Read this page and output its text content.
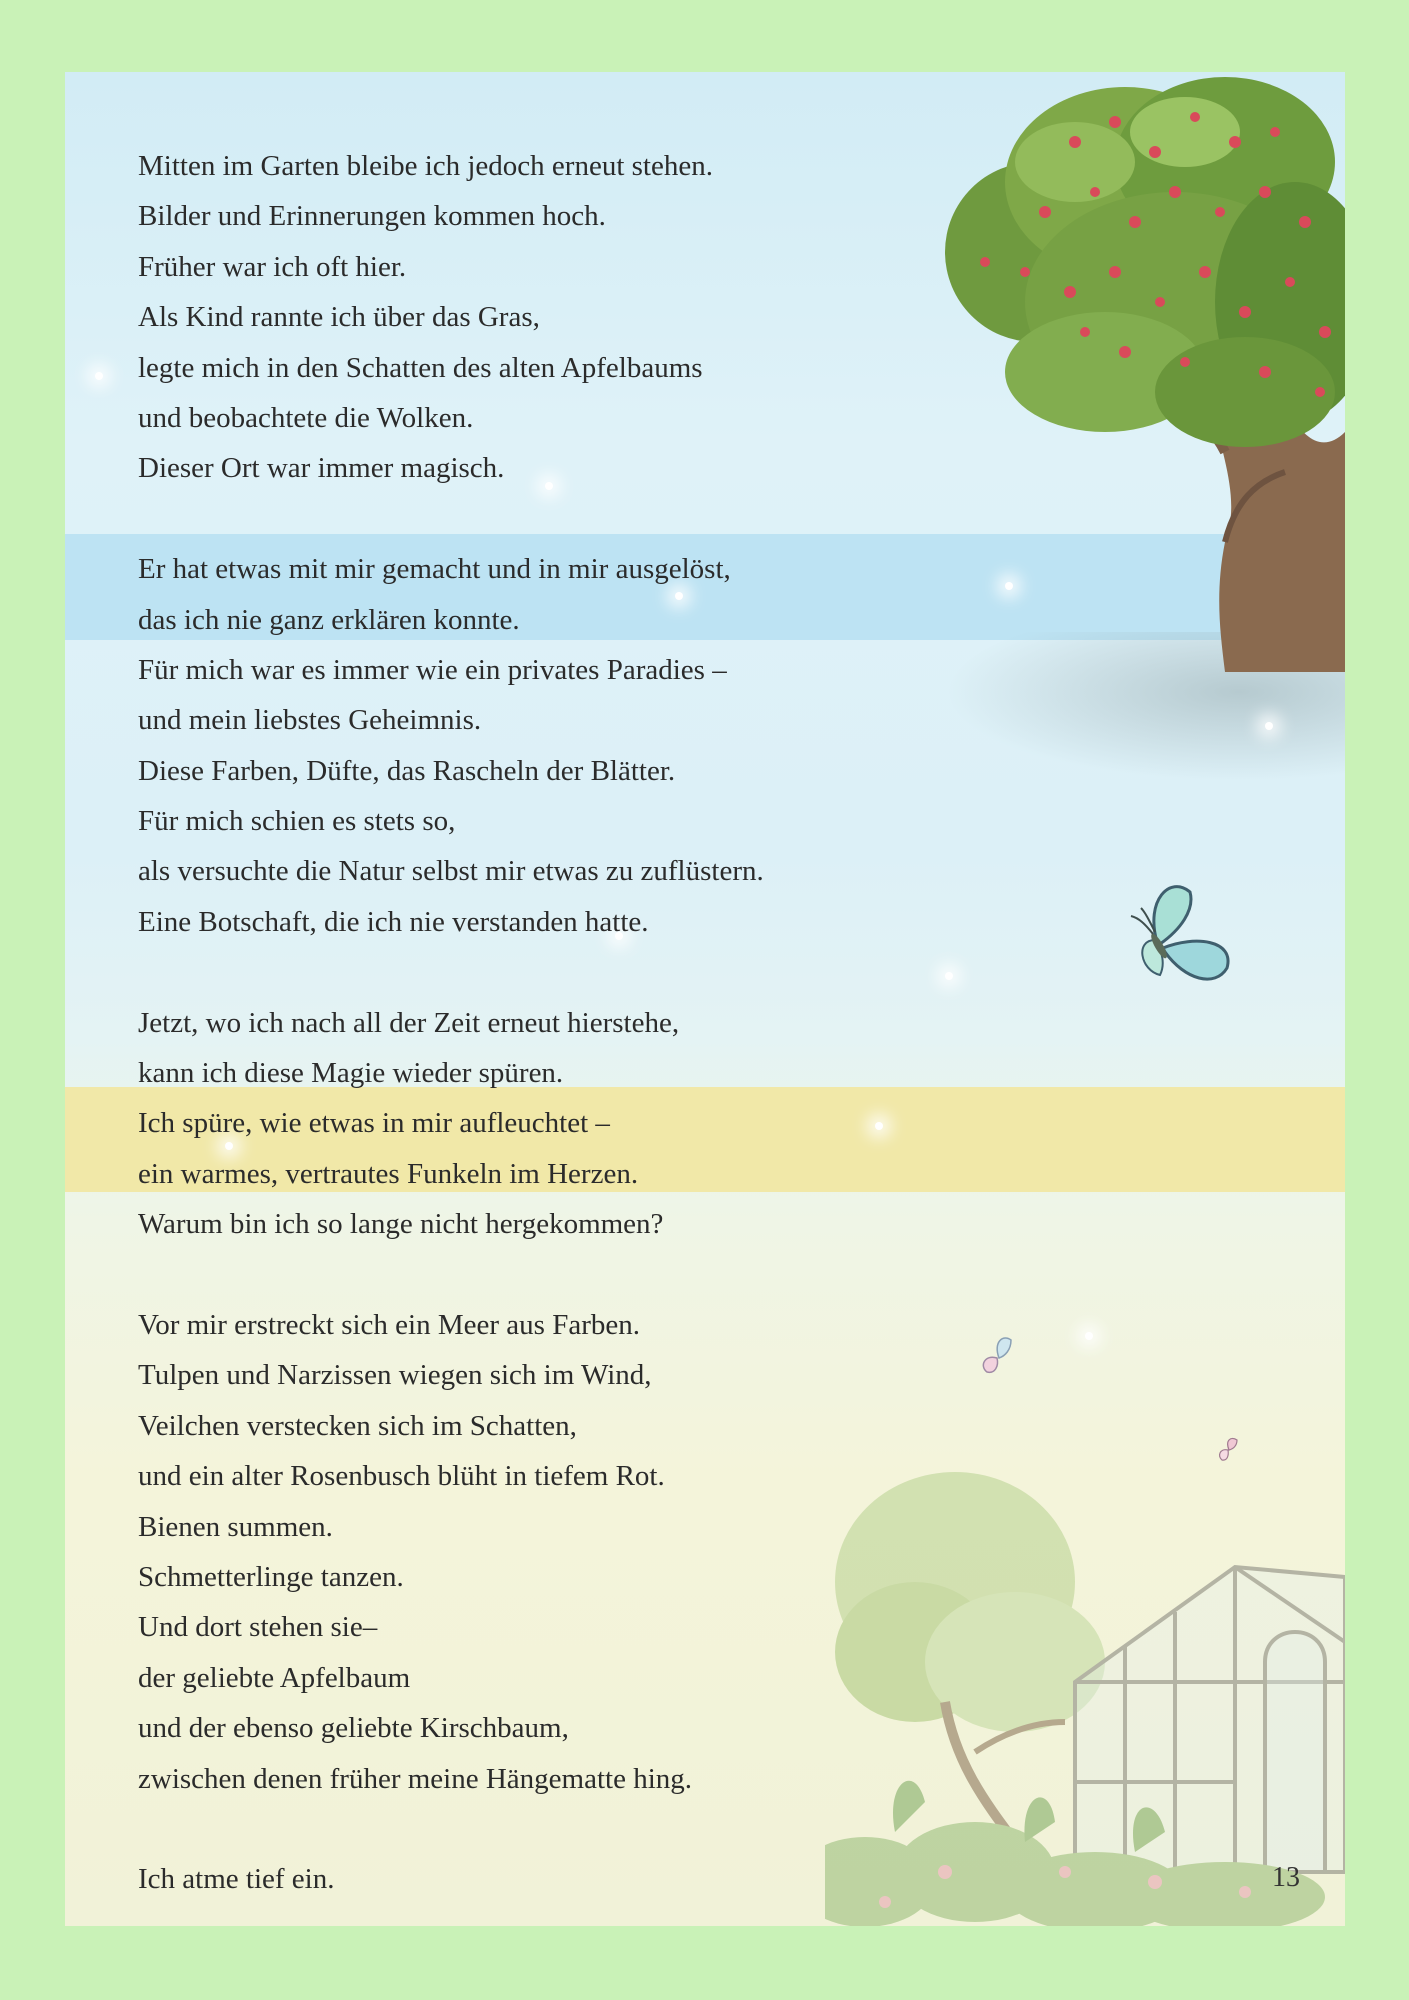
Mitten im Garten bleibe ich jedoch erneut stehen.
Bilder und Erinnerungen kommen hoch.
Früher war ich oft hier.
Als Kind rannte ich über das Gras,
legte mich in den Schatten des alten Apfelbaums
und beobachtete die Wolken.
Dieser Ort war immer magisch.
Er hat etwas mit mir gemacht und in mir ausgelöst,
das ich nie ganz erklären konnte.
Für mich war es immer wie ein privates Paradies –
und mein liebstes Geheimnis.
Diese Farben, Düfte, das Rascheln der Blätter.
Für mich schien es stets so,
als versuchte die Natur selbst mir etwas zu zuflüstern.
Eine Botschaft, die ich nie verstanden hatte.
Jetzt, wo ich nach all der Zeit erneut hierstehe,
kann ich diese Magie wieder spüren.
Ich spüre, wie etwas in mir aufleuchtet –
ein warmes, vertrautes Funkeln im Herzen.
Warum bin ich so lange nicht hergekommen?
Vor mir erstreckt sich ein Meer aus Farben.
Tulpen und Narzissen wiegen sich im Wind,
Veilchen verstecken sich im Schatten,
und ein alter Rosenbusch blüht in tiefem Rot.
Bienen summen.
Schmetterlinge tanzen.
Und dort stehen sie–
der geliebte Apfelbaum
und der ebenso geliebte Kirschbaum,
zwischen denen früher meine Hängematte hing.
Ich atme tief ein.	13
